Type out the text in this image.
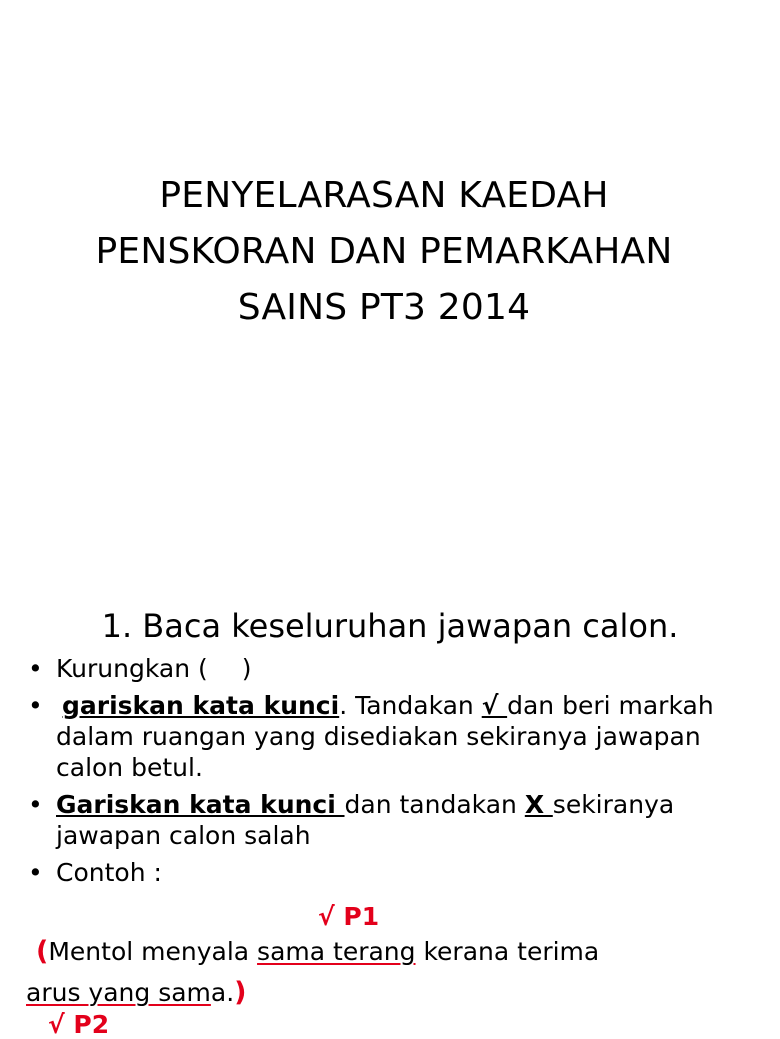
PENYELARASAN KAEDAH
PENSKORAN DAN PEMARKAHAN
SAINS PT3 2014
1. Baca keseluruhan jawapan calon.
• Kurungkan ( )
• gariskan kata kunci. Tandakan √ dan beri markah dalam ruangan yang disediakan sekiranya jawapan calon betul.
• Gariskan kata kunci dan tandakan X sekiranya jawapan calon salah
• Contoh :
√ P1
(Mentol menyala sama terang kerana terima
arus yang sama.)
√ P2
